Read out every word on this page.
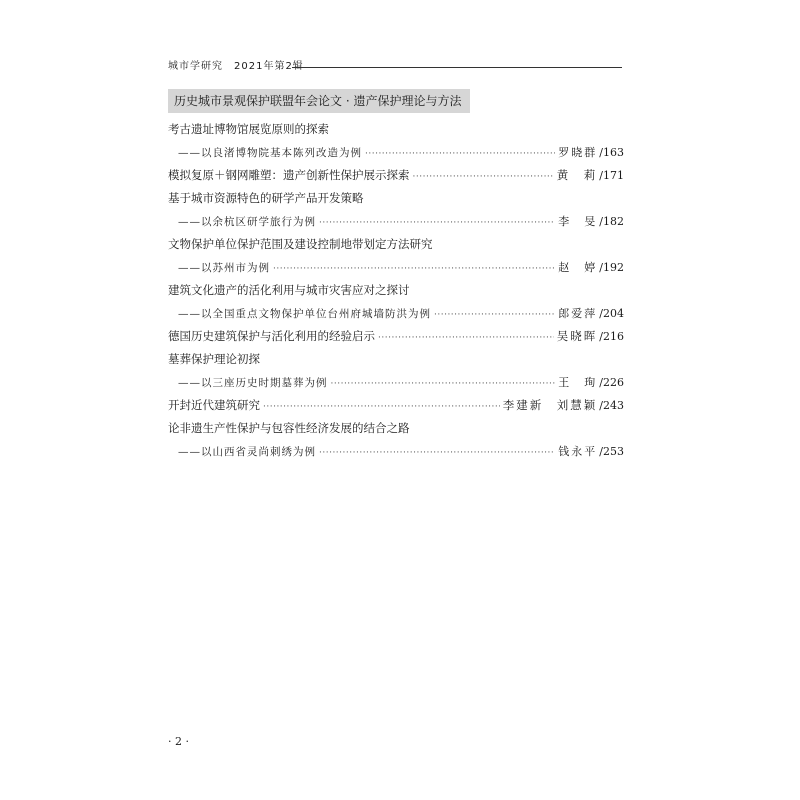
城市学研究　2021年第2辑
历史城市景观保护联盟年会论文 · 遗产保护理论与方法
考古遗址博物馆展览原则的探索
——以良渚博物院基本陈列改造为例 ·····	罗晓群 /163
模拟复原＋钢网雕塑：遗产创新性保护展示探索 ·····	黄　莉 /171
基于城市资源特色的研学产品开发策略
——以余杭区研学旅行为例 ·····	李　旻 /182
文物保护单位保护范围及建设控制地带划定方法研究
——以苏州市为例 ·····	赵　婷 /192
建筑文化遗产的活化利用与城市灾害应对之探讨
——以全国重点文物保护单位台州府城墙防洪为例 ·····	郎爱萍 /204
德国历史建筑保护与活化利用的经验启示 ·····	吴晓晖 /216
墓葬保护理论初探
——以三座历史时期墓葬为例 ·····	王　珣 /226
开封近代建筑研究 ·····	李建新　刘慧颖 /243
论非遗生产性保护与包容性经济发展的结合之路
——以山西省灵尚刺绣为例 ·····	钱永平 /253
· 2 ·
